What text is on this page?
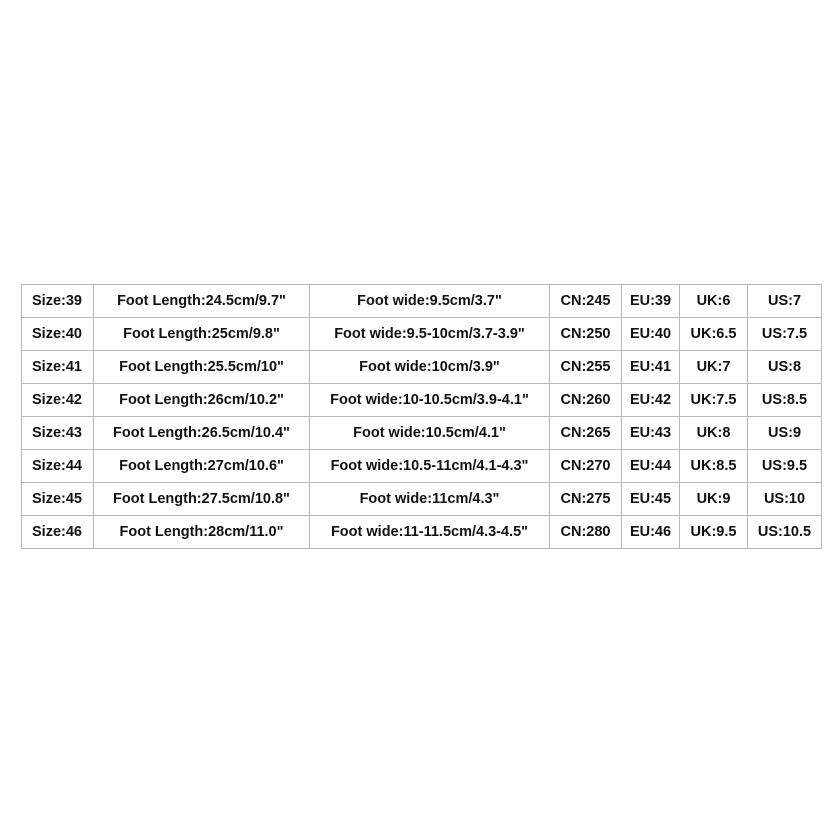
Size:39	Foot Length:24.5cm/9.7"	Foot wide:9.5cm/3.7"	CN:245	EU:39	UK:6	US:7
Size:40	Foot Length:25cm/9.8"	Foot wide:9.5-10cm/3.7-3.9"	CN:250	EU:40	UK:6.5	US:7.5
Size:41	Foot Length:25.5cm/10"	Foot wide:10cm/3.9"	CN:255	EU:41	UK:7	US:8
Size:42	Foot Length:26cm/10.2"	Foot wide:10-10.5cm/3.9-4.1"	CN:260	EU:42	UK:7.5	US:8.5
Size:43	Foot Length:26.5cm/10.4"	Foot wide:10.5cm/4.1"	CN:265	EU:43	UK:8	US:9
Size:44	Foot Length:27cm/10.6"	Foot wide:10.5-11cm/4.1-4.3"	CN:270	EU:44	UK:8.5	US:9.5
Size:45	Foot Length:27.5cm/10.8"	Foot wide:11cm/4.3"	CN:275	EU:45	UK:9	US:10
Size:46	Foot Length:28cm/11.0"	Foot wide:11-11.5cm/4.3-4.5"	CN:280	EU:46	UK:9.5	US:10.5
